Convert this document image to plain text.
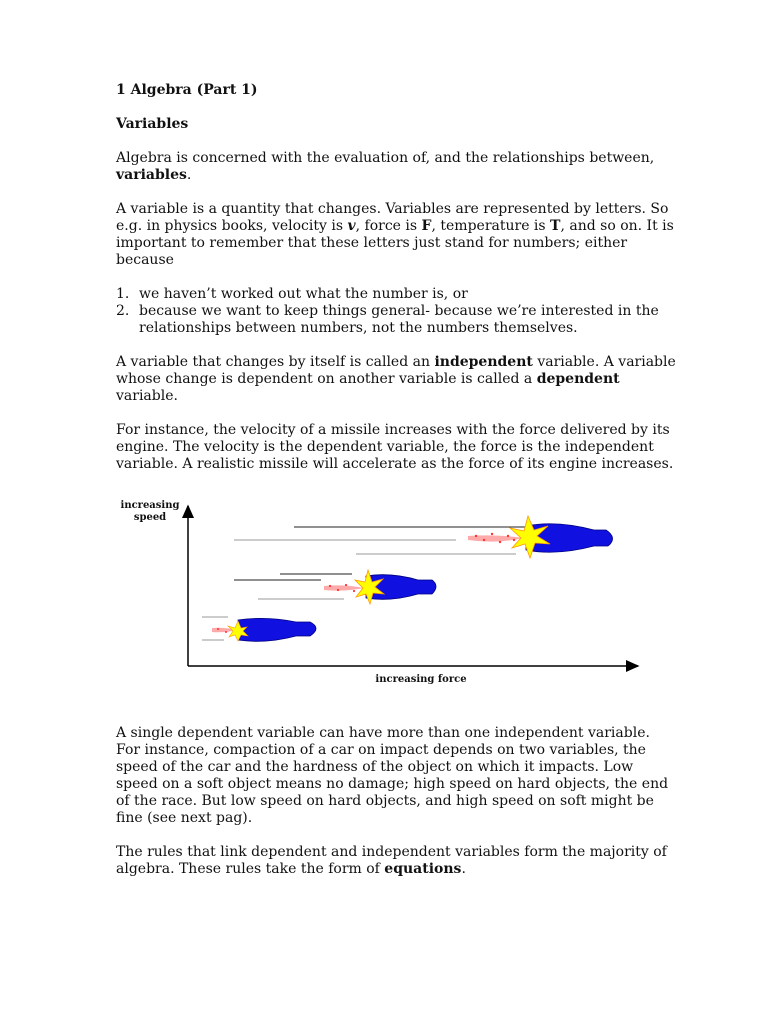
1 Algebra (Part 1)
Variables

Algebra is concerned with the evaluation of, and the relationships between, variables.

A variable is a quantity that changes. Variables are represented by letters. So e.g. in physics books, velocity is v, force is F, temperature is T, and so on. It is important to remember that these letters just stand for numbers; either because

1. we haven’t worked out what the number is, or
2. because we want to keep things general- because we’re interested in the relationships between numbers, not the numbers themselves.

A variable that changes by itself is called an independent variable. A variable whose change is dependent on another variable is called a dependent variable.

For instance, the velocity of a missile increases with the force delivered by its engine. The velocity is the dependent variable, the force is the independent variable. A realistic missile will accelerate as the force of its engine increases.

increasing
speed
increasing force

A single dependent variable can have more than one independent variable. For instance, compaction of a car on impact depends on two variables, the speed of the car and the hardness of the object on which it impacts. Low speed on a soft object means no damage; high speed on hard objects, the end of the race. But low speed on hard objects, and high speed on soft might be fine (see next pag).

The rules that link dependent and independent variables form the majority of algebra. These rules take the form of equations.
